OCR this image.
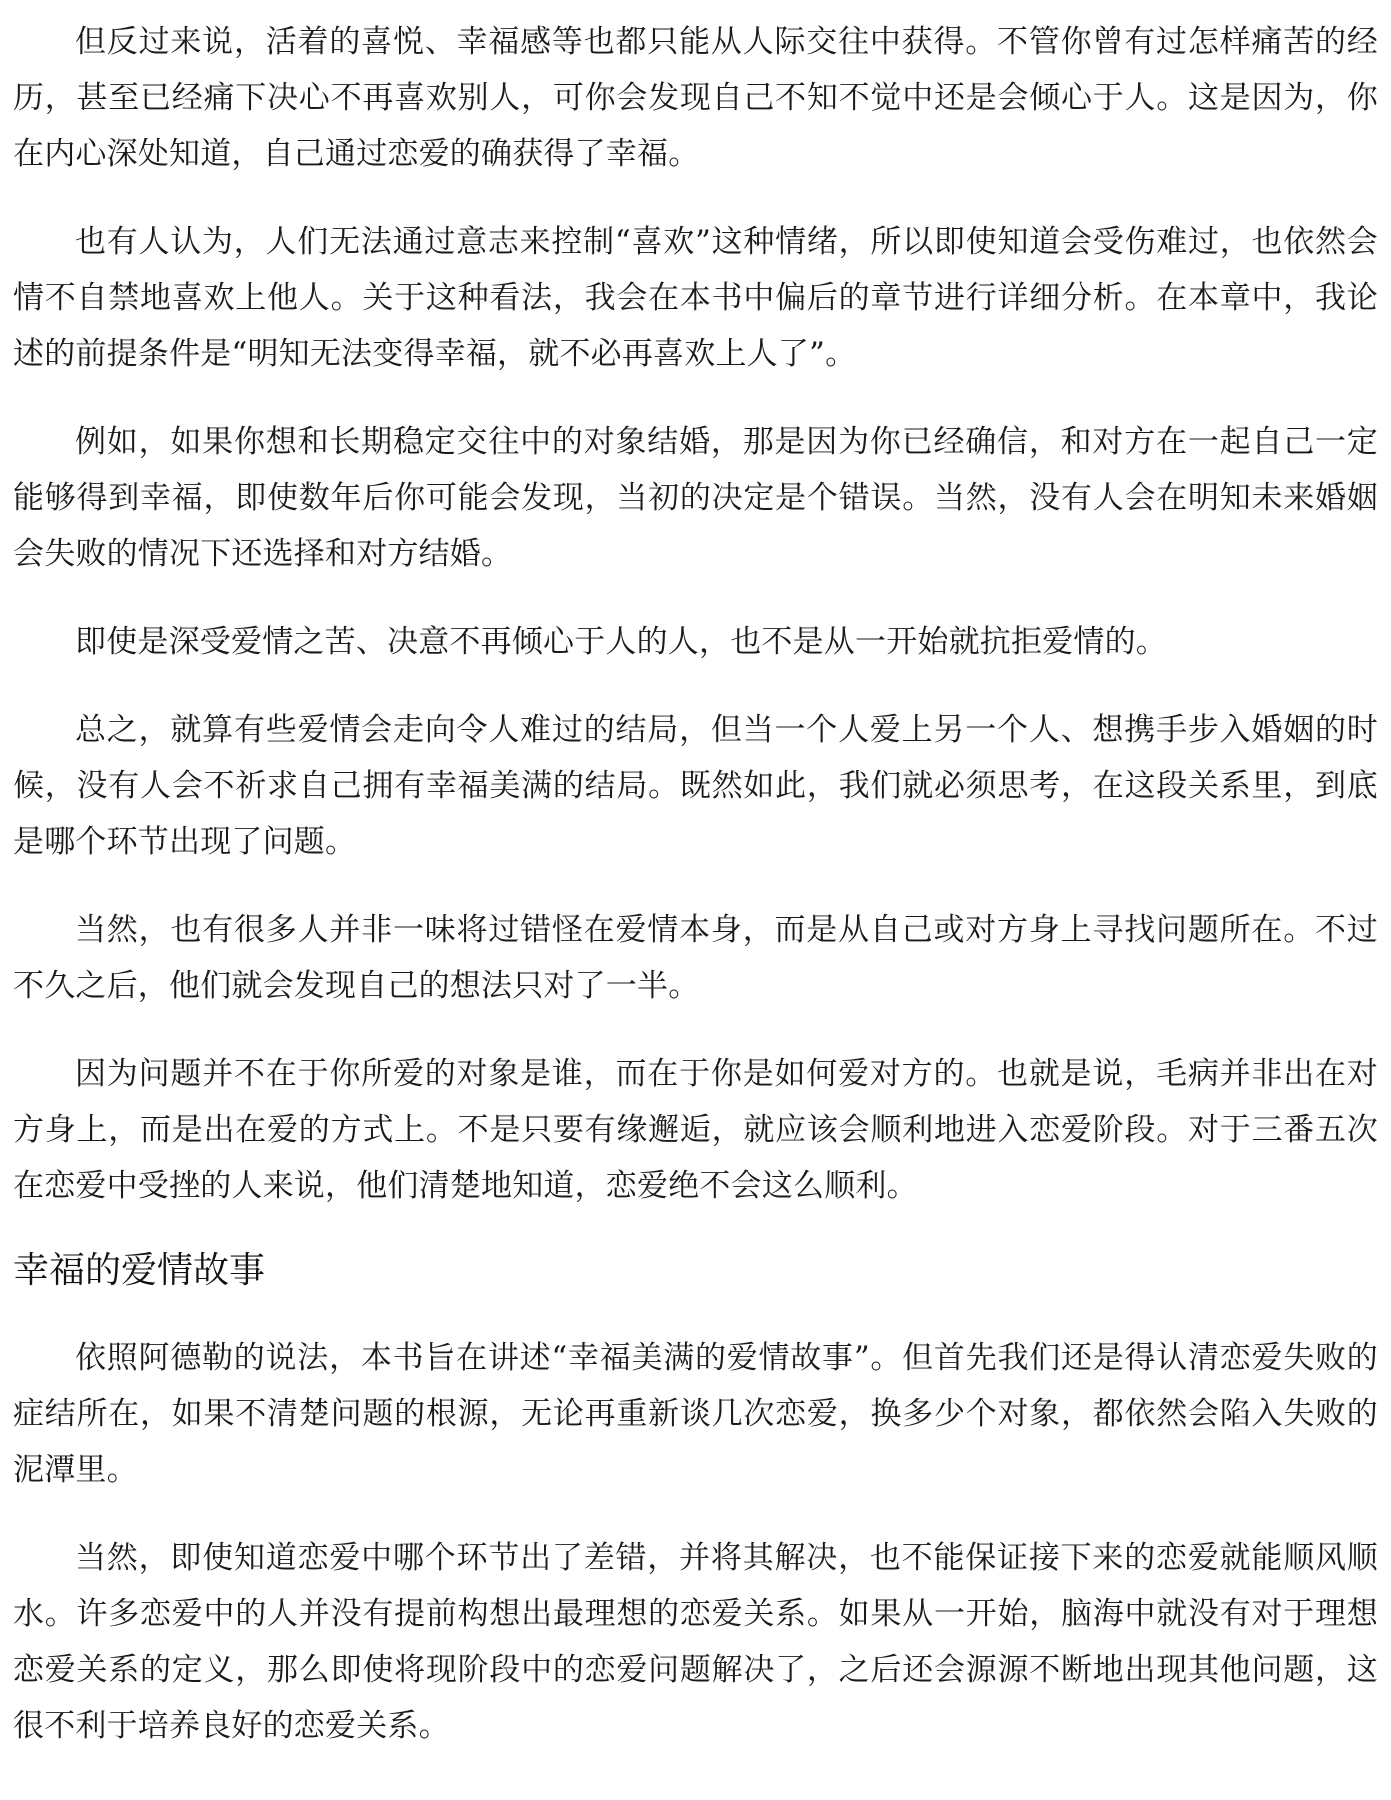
但反过来说，活着的喜悦、幸福感等也都只能从人际交往中获得。不管你曾有过怎样痛苦的经历，甚至已经痛下决心不再喜欢别人，可你会发现自己不知不觉中还是会倾心于人。这是因为，你在内心深处知道，自己通过恋爱的确获得了幸福。

也有人认为，人们无法通过意志来控制“喜欢”这种情绪，所以即使知道会受伤难过，也依然会情不自禁地喜欢上他人。关于这种看法，我会在本书中偏后的章节进行详细分析。在本章中，我论述的前提条件是“明知无法变得幸福，就不必再喜欢上人了”。

例如，如果你想和长期稳定交往中的对象结婚，那是因为你已经确信，和对方在一起自己一定能够得到幸福，即使数年后你可能会发现，当初的决定是个错误。当然，没有人会在明知未来婚姻会失败的情况下还选择和对方结婚。

即使是深受爱情之苦、决意不再倾心于人的人，也不是从一开始就抗拒爱情的。

总之，就算有些爱情会走向令人难过的结局，但当一个人爱上另一个人、想携手步入婚姻的时候，没有人会不祈求自己拥有幸福美满的结局。既然如此，我们就必须思考，在这段关系里，到底是哪个环节出现了问题。

当然，也有很多人并非一味将过错怪在爱情本身，而是从自己或对方身上寻找问题所在。不过不久之后，他们就会发现自己的想法只对了一半。

因为问题并不在于你所爱的对象是谁，而在于你是如何爱对方的。也就是说，毛病并非出在对方身上，而是出在爱的方式上。不是只要有缘邂逅，就应该会顺利地进入恋爱阶段。对于三番五次在恋爱中受挫的人来说，他们清楚地知道，恋爱绝不会这么顺利。

幸福的爱情故事

依照阿德勒的说法，本书旨在讲述“幸福美满的爱情故事”。但首先我们还是得认清恋爱失败的症结所在，如果不清楚问题的根源，无论再重新谈几次恋爱，换多少个对象，都依然会陷入失败的泥潭里。

当然，即使知道恋爱中哪个环节出了差错，并将其解决，也不能保证接下来的恋爱就能顺风顺水。许多恋爱中的人并没有提前构想出最理想的恋爱关系。如果从一开始，脑海中就没有对于理想恋爱关系的定义，那么即使将现阶段中的恋爱问题解决了，之后还会源源不断地出现其他问题，这很不利于培养良好的恋爱关系。
